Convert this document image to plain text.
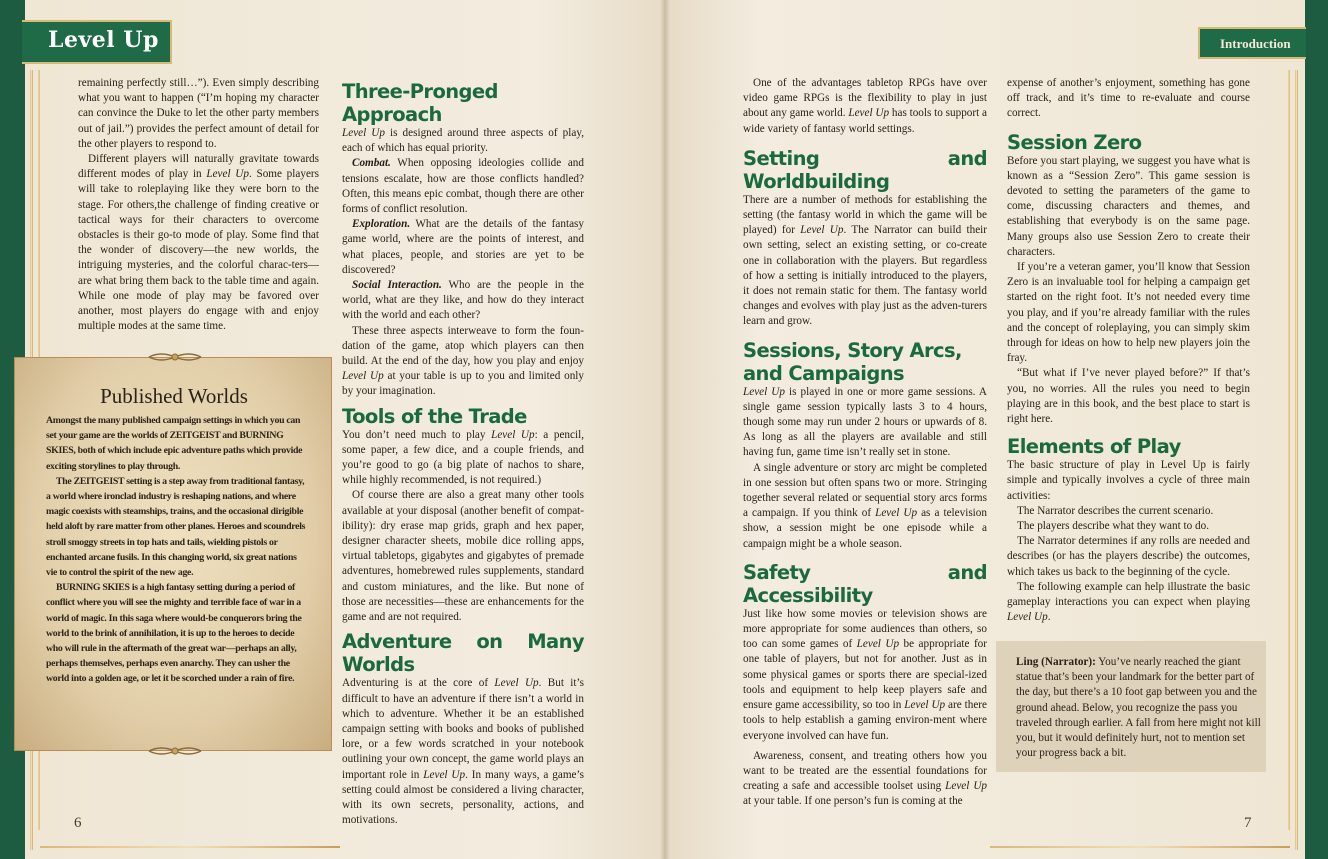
Level Up	Introduction

remaining perfectly still…”). Even simply describing what you want to happen (“I’m hoping my character can convince the Duke to let the other party members out of jail.”) provides the perfect amount of detail for the other players to respond to.

Different players will naturally gravitate towards different modes of play in Level Up. Some players will take to roleplaying like they were born to the stage. For others,the challenge of finding creative or tactical ways for their characters to overcome obstacles is their go-to mode of play. Some find that the wonder of discovery—the new worlds, the intriguing mysteries, and the colorful charac-ters—are what bring them back to the table time and again. While one mode of play may be favored over another, most players do engage with and enjoy multiple modes at the same time.

Published Worlds

Amongst the many published campaign settings in which you can set your game are the worlds of ZEITGEIST and BURNING SKIES, both of which include epic adventure paths which provide exciting storylines to play through.

The ZEITGEIST setting is a step away from traditional fantasy, a world where ironclad industry is reshaping nations, and where magic coexists with steamships, trains, and the occasional dirigible held aloft by rare matter from other planes. Heroes and scoundrels stroll smoggy streets in top hats and tails, wielding pistols or enchanted arcane fusils. In this changing world, six great nations vie to control the spirit of the new age.

BURNING SKIES is a high fantasy setting during a period of conflict where you will see the mighty and terrible face of war in a world of magic. In this saga where would-be conquerors bring the world to the brink of annihilation, it is up to the heroes to decide who will rule in the aftermath of the great war—perhaps an ally, perhaps themselves, perhaps even anarchy. They can usher the world into a golden age, or let it be scorched under a rain of fire.

Three-Pronged Approach

Level Up is designed around three aspects of play, each of which has equal priority.

Combat. When opposing ideologies collide and tensions escalate, how are those conflicts handled? Often, this means epic combat, though there are other forms of conflict resolution.

Exploration. What are the details of the fantasy game world, where are the points of interest, and what places, people, and stories are yet to be discovered?

Social Interaction. Who are the people in the world, what are they like, and how do they interact with the world and each other?

These three aspects interweave to form the foun-dation of the game, atop which players can then build. At the end of the day, how you play and enjoy Level Up at your table is up to you and limited only by your imagination.

Tools of the Trade

You don’t need much to play Level Up: a pencil, some paper, a few dice, and a couple friends, and you’re good to go (a big plate of nachos to share, while highly recommended, is not required.)

Of course there are also a great many other tools available at your disposal (another benefit of compat-ibility): dry erase map grids, graph and hex paper, designer character sheets, mobile dice rolling apps, virtual tabletops, gigabytes and gigabytes of premade adventures, homebrewed rules supplements, standard and custom miniatures, and the like. But none of those are necessities—these are enhancements for the game and are not required.

Adventure on Many Worlds

Adventuring is at the core of Level Up. But it’s difficult to have an adventure if there isn’t a world in which to adventure. Whether it be an established campaign setting with books and books of published lore, or a few words scratched in your notebook outlining your own concept, the game world plays an important role in Level Up. In many ways, a game’s setting could almost be considered a living character, with its own secrets, personality, actions, and motivations.

One of the advantages tabletop RPGs have over video game RPGs is the flexibility to play in just about any game world. Level Up has tools to support a wide variety of fantasy world settings.

Setting and Worldbuilding

There are a number of methods for establishing the setting (the fantasy world in which the game will be played) for Level Up. The Narrator can build their own setting, select an existing setting, or co-create one in collaboration with the players. But regardless of how a setting is initially introduced to the players, it does not remain static for them. The fantasy world changes and evolves with play just as the adven-turers learn and grow.

Sessions, Story Arcs,
and Campaigns

Level Up is played in one or more game sessions. A single game session typically lasts 3 to 4 hours, though some may run under 2 hours or upwards of 8. As long as all the players are available and still having fun, game time isn’t really set in stone.

A single adventure or story arc might be completed in one session but often spans two or more. Stringing together several related or sequential story arcs forms a campaign. If you think of Level Up as a television show, a session might be one episode while a campaign might be a whole season.

Safety and Accessibility

Just like how some movies or television shows are more appropriate for some audiences than others, so too can some games of Level Up be appropriate for one table of players, but not for another. Just as in some physical games or sports there are special-ized tools and equipment to help keep players safe and ensure game accessibility, so too in Level Up are there tools to help establish a gaming environ-ment where everyone involved can have fun.

Awareness, consent, and treating others how you want to be treated are the essential foundations for creating a safe and accessible toolset using Level Up at your table. If one person’s fun is coming at the

expense of another’s enjoyment, something has gone off track, and it’s time to re-evaluate and course correct.

Session Zero

Before you start playing, we suggest you have what is known as a “Session Zero”. This game session is devoted to setting the parameters of the game to come, discussing characters and themes, and establishing that everybody is on the same page. Many groups also use Session Zero to create their characters.

If you’re a veteran gamer, you’ll know that Session Zero is an invaluable tool for helping a campaign get started on the right foot. It’s not needed every time you play, and if you’re already familiar with the rules and the concept of roleplaying, you can simply skim through for ideas on how to help new players join the fray.

“But what if I’ve never played before?” If that’s you, no worries. All the rules you need to begin playing are in this book, and the best place to start is right here.

Elements of Play

The basic structure of play in Level Up is fairly simple and typically involves a cycle of three main activities:

The Narrator describes the current scenario.

The players describe what they want to do.

The Narrator determines if any rolls are needed and describes (or has the players describe) the outcomes, which takes us back to the beginning of the cycle.

The following example can help illustrate the basic gameplay interactions you can expect when playing Level Up.

Ling (Narrator): You’ve nearly reached the giant statue that’s been your landmark for the better part of the day, but there’s a 10 foot gap between you and the ground ahead. Below, you recognize the pass you traveled through earlier. A fall from here might not kill you, but it would definitely hurt, not to mention set your progress back a bit.

6	7
